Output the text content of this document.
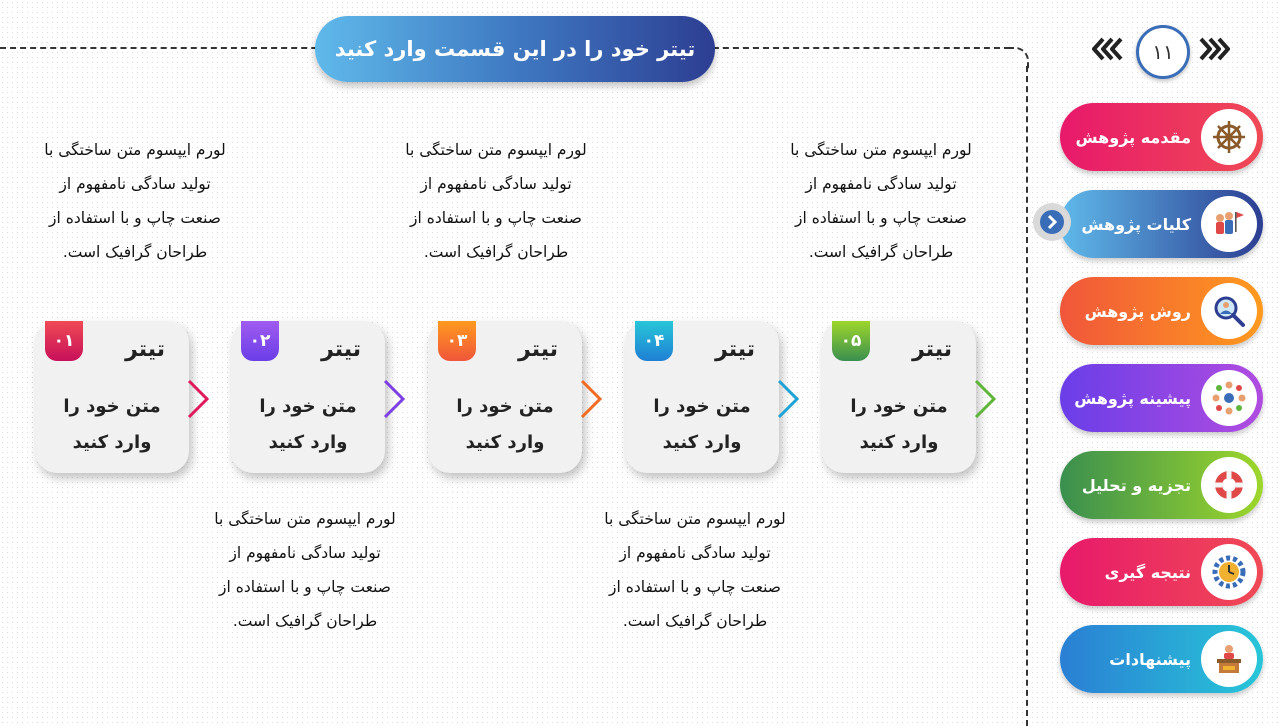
تیتر خود را در این قسمت وارد کنید	۱۱
مقدمه پژوهش
کلیات پژوهش
روش پژوهش
پیشینه پژوهش
تجزیه و تحلیل
نتیجه گیری
پیشنهادات
لورم ایپسوم متن ساختگی با
تولید سادگی نامفهوم از
صنعت چاپ و با استفاده از
طراحان گرافیک است.
لورم ایپسوم متن ساختگی با
تولید سادگی نامفهوم از
صنعت چاپ و با استفاده از
طراحان گرافیک است.
لورم ایپسوم متن ساختگی با
تولید سادگی نامفهوم از
صنعت چاپ و با استفاده از
طراحان گرافیک است.
لورم ایپسوم متن ساختگی با
تولید سادگی نامفهوم از
صنعت چاپ و با استفاده از
طراحان گرافیک است.
لورم ایپسوم متن ساختگی با
تولید سادگی نامفهوم از
صنعت چاپ و با استفاده از
طراحان گرافیک است.
۰۱	تیتر
متن خود را
وارد کنید
۰۲	تیتر
متن خود را
وارد کنید
۰۳	تیتر
متن خود را
وارد کنید
۰۴	تیتر
متن خود را
وارد کنید
۰۵	تیتر
متن خود را
وارد کنید
